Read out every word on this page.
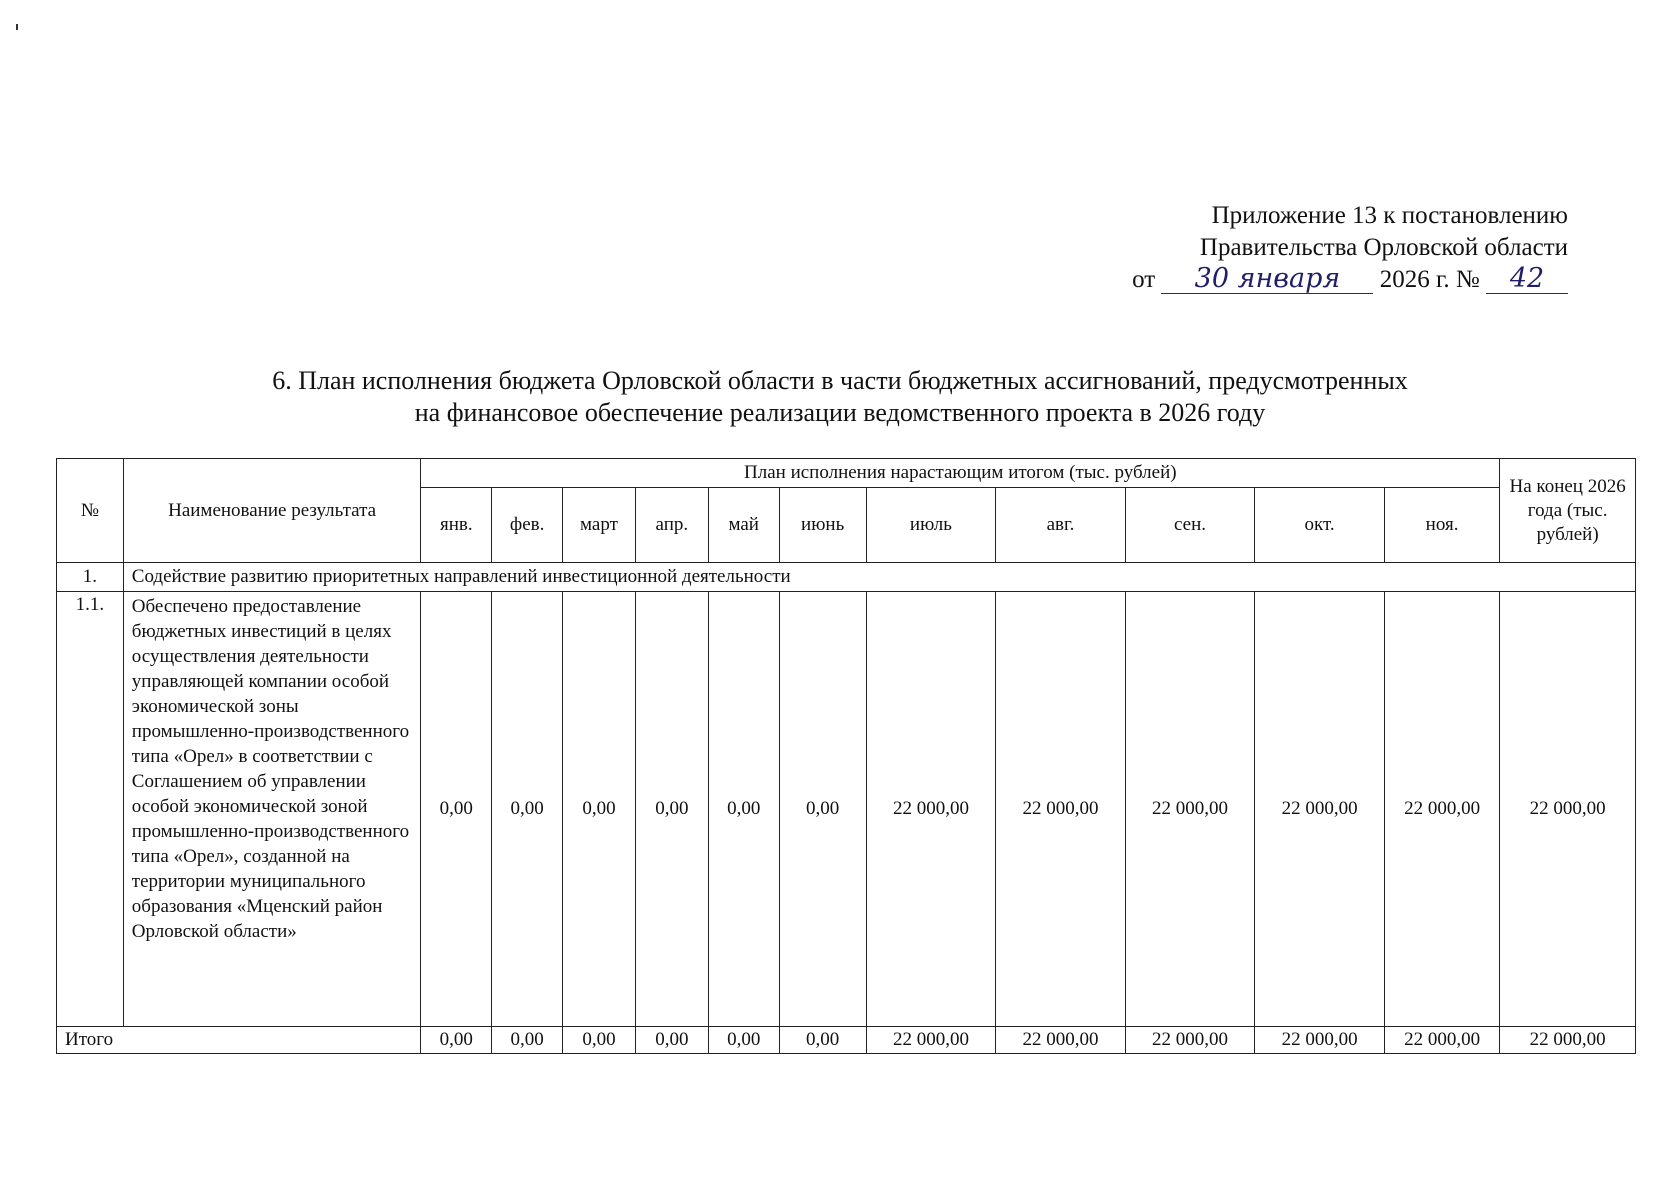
Приложение 13 к постановлению
Правительства Орловской области
от 30 января 2026 г. № 42
6. План исполнения бюджета Орловской области в части бюджетных ассигнований, предусмотренных
на финансовое обеспечение реализации ведомственного проекта в 2026 году
№	Наименование результата	План исполнения нарастающим итогом (тыс. рублей)											На конец 2026 года (тыс. рублей)
		янв.	фев.	март	апр.	май	июнь	июль	авг.	сен.	окт.	ноя.	
1.	Содействие развитию приоритетных направлений инвестиционной деятельности												
1.1.	Обеспечено предоставление бюджетных инвестиций в целях осуществления деятельности управляющей компании особой экономической зоны промышленно-производственного типа «Орел» в соответствии с Соглашением об управлении особой экономической зоной промышленно-производственного типа «Орел», созданной на территории муниципального образования «Мценский район Орловской области»	0,00	0,00	0,00	0,00	0,00	0,00	22 000,00	22 000,00	22 000,00	22 000,00	22 000,00	22 000,00
Итого		0,00	0,00	0,00	0,00	0,00	0,00	22 000,00	22 000,00	22 000,00	22 000,00	22 000,00	22 000,00
